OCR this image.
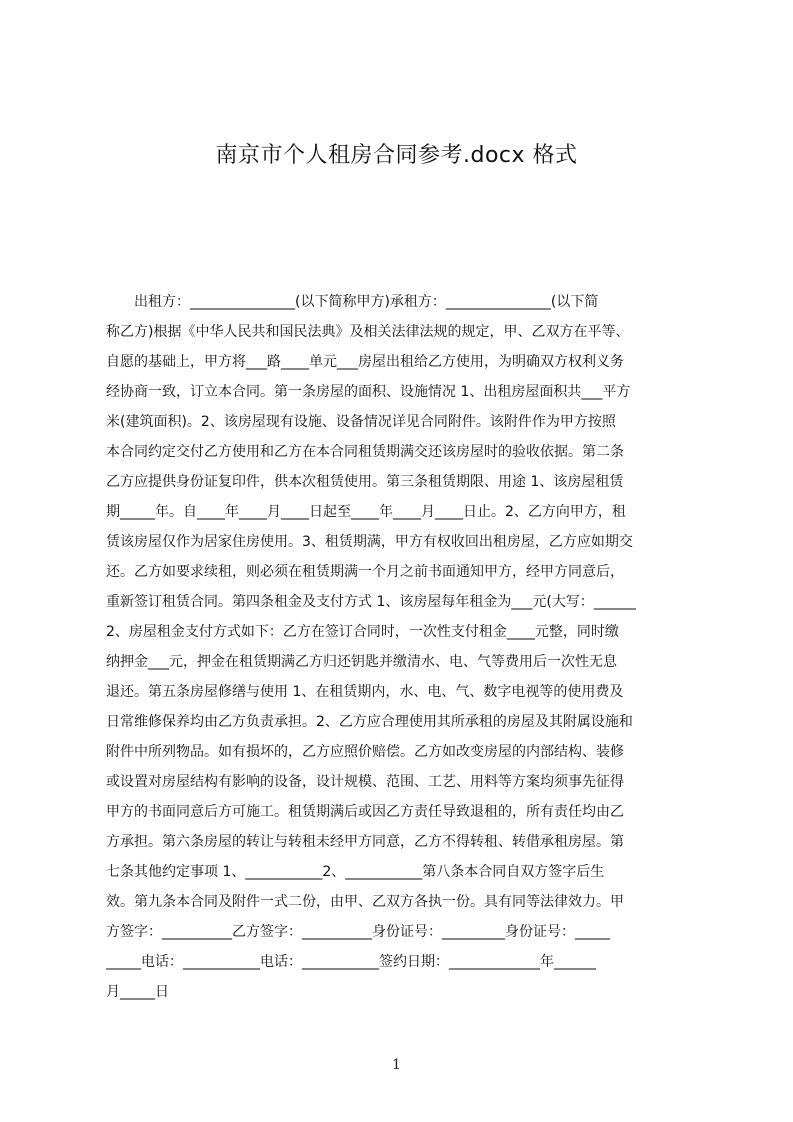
南京市个人租房合同参考.docx 格式
　　出租方：_______________(以下简称甲方)承租方：_______________(以下简
称乙方)根据《中华人民共和国民法典》及相关法律法规的规定，甲、乙双方在平等、
自愿的基础上，甲方将___路____单元___房屋出租给乙方使用，为明确双方权利义务
经协商一致，订立本合同。第一条房屋的面积、设施情况 1、出租房屋面积共___平方
米(建筑面积)。2、该房屋现有设施、设备情况详见合同附件。该附件作为甲方按照
本合同约定交付乙方使用和乙方在本合同租赁期满交还该房屋时的验收依据。第二条
乙方应提供身份证复印件，供本次租赁使用。第三条租赁期限、用途 1、该房屋租赁
期_____年。自____年____月____日起至____年____月____日止。2、乙方向甲方，租
赁该房屋仅作为居家住房使用。3、租赁期满，甲方有权收回出租房屋，乙方应如期交
还。乙方如要求续租，则必须在租赁期满一个月之前书面通知甲方，经甲方同意后，
重新签订租赁合同。第四条租金及支付方式 1、该房屋每年租金为___元(大写：______
2、房屋租金支付方式如下：乙方在签订合同时，一次性支付租金____元整，同时缴
纳押金___元，押金在租赁期满乙方归还钥匙并缴清水、电、气等费用后一次性无息
退还。第五条房屋修缮与使用 1、在租赁期内，水、电、气、数字电视等的使用费及
日常维修保养均由乙方负责承担。2、乙方应合理使用其所承租的房屋及其附属设施和
附件中所列物品。如有损坏的，乙方应照价赔偿。乙方如改变房屋的内部结构、装修
或设置对房屋结构有影响的设备，设计规模、范围、工艺、用料等方案均须事先征得
甲方的书面同意后方可施工。租赁期满后或因乙方责任导致退租的，所有责任均由乙
方承担。第六条房屋的转让与转租未经甲方同意，乙方不得转租、转借承租房屋。第
七条其他约定事项 1、___________2、___________第八条本合同自双方签字后生
效。第九条本合同及附件一式二份，由甲、乙双方各执一份。具有同等法律效力。甲
方签字：__________乙方签字：__________身份证号：_________身份证号：_____
_____电话：___________电话：___________签约日期：_____________年______
月_____日
1
